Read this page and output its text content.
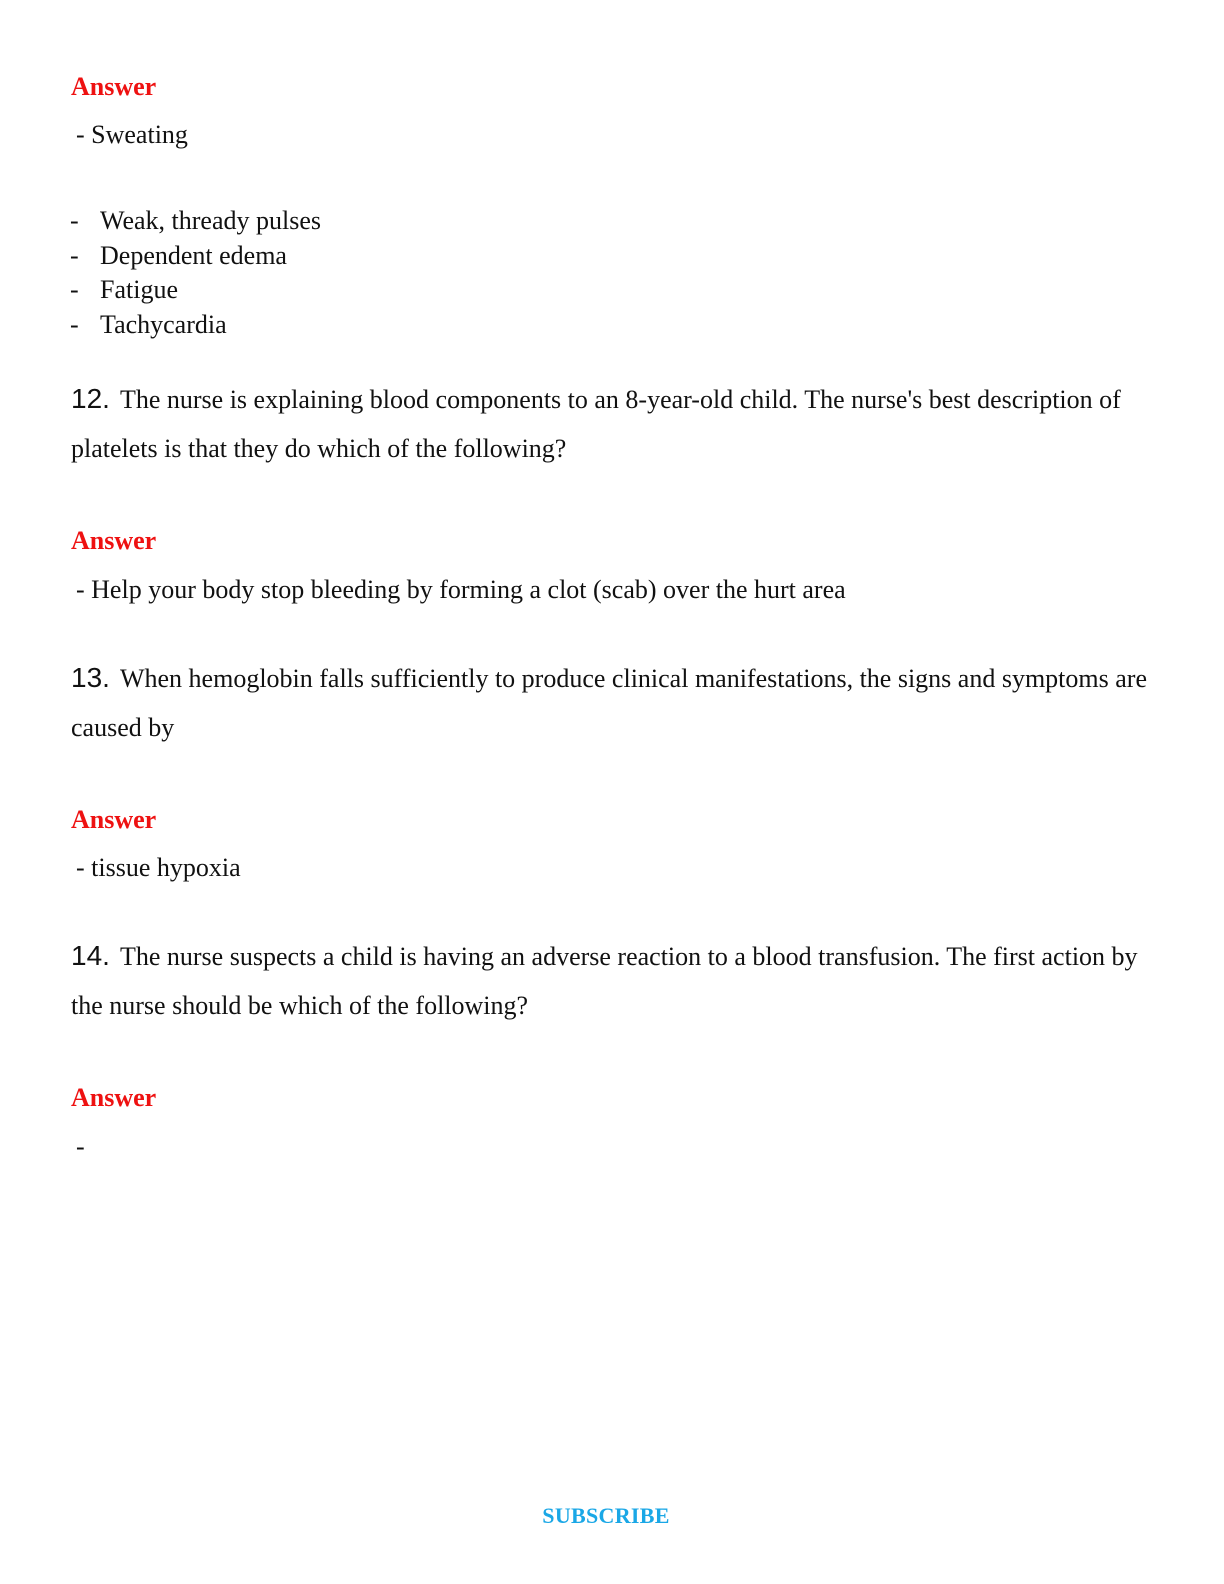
Answer
- Sweating
- Weak, thready pulses
- Dependent edema
- Fatigue
- Tachycardia
12. The nurse is explaining blood components to an 8-year-old child. The nurse's best description of platelets is that they do which of the following?
Answer
- Help your body stop bleeding by forming a clot (scab) over the hurt area
13. When hemoglobin falls sufficiently to produce clinical manifestations, the signs and symptoms are caused by
Answer
- tissue hypoxia
14. The nurse suspects a child is having an adverse reaction to a blood transfusion. The first action by the nurse should be which of the following?
Answer
-
SUBSCRIBE
